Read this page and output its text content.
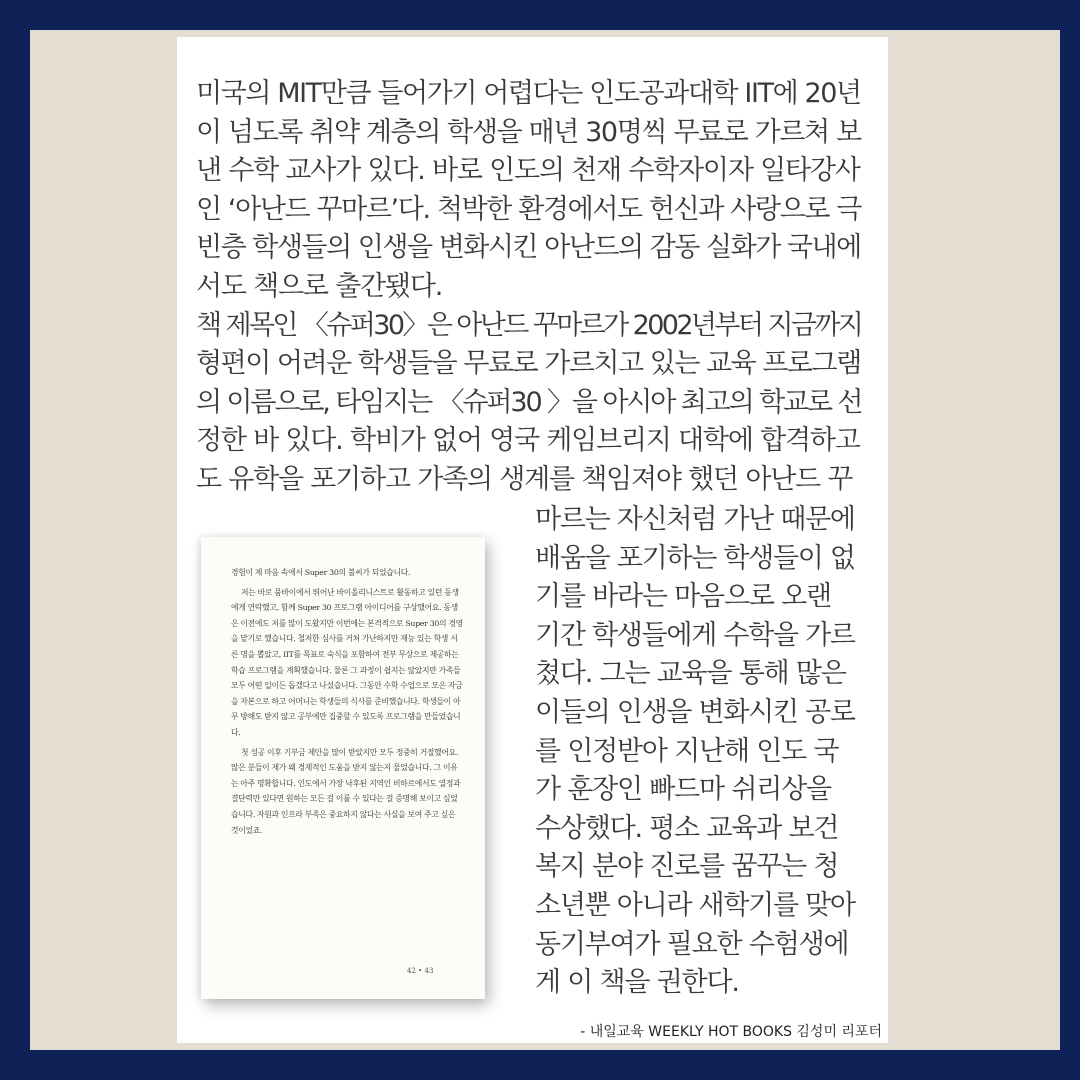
미국의 MIT만큼 들어가기 어렵다는 인도공과대학 IIT에 20년
이 넘도록 취약 계층의 학생을 매년 30명씩 무료로 가르쳐 보
낸 수학 교사가 있다. 바로 인도의 천재 수학자이자 일타강사
인 ‘아난드 꾸마르’다. 척박한 환경에서도 헌신과 사랑으로 극
빈층 학생들의 인생을 변화시킨 아난드의 감동 실화가 국내에
서도 책으로 출간됐다.
책 제목인 〈슈퍼30〉은 아난드 꾸마르가 2002년부터 지금까지
형편이 어려운 학생들을 무료로 가르치고 있는 교육 프로그램
의 이름으로, 타임지는 〈슈퍼30 〉을 아시아 최고의 학교로 선
정한 바 있다. 학비가 없어 영국 케임브리지 대학에 합격하고
도 유학을 포기하고 가족의 생계를 책임져야 했던 아난드 꾸

경험이 제 마음 속에서 Super 30의 불씨가 되었습니다.

저는 바로 뭄바이에서 뛰어난 바이올리니스트로 활동하고 있던 동생에게 연락했고, 함께 Super 30 프로그램 아이디어를 구상했어요. 동생은 이전에도 저를 많이 도왔지만 이번에는 본격적으로 Super 30의 경영을 맡기로 했습니다. 철저한 심사를 거쳐 가난하지만 재능 있는 학생 서른 명을 뽑았고, IIT를 목표로 숙식을 포함하여 전부 무상으로 제공하는 학습 프로그램을 계획했습니다. 물론 그 과정이 쉽지는 않았지만 가족들 모두 어떤 일이든 돕겠다고 나섰습니다. 그동안 수학 수업으로 모은 자금을 자본으로 하고 어머니는 학생들의 식사를 준비했습니다. 학생들이 아무 방해도 받지 않고 공부에만 집중할 수 있도록 프로그램을 만들었습니다.

첫 성공 이후 기부금 제안을 많이 받았지만 모두 정중히 거절했어요. 많은 분들이 제가 왜 경제적인 도움을 받지 않는지 물었습니다. 그 이유는 아주 명확합니다. 인도에서 가장 낙후된 지역인 비하르에서도 열정과 결단력만 있다면 원하는 모든 걸 이룰 수 있다는 걸 증명해 보이고 싶었습니다. 자원과 인프라 부족은 중요하지 않다는 사실을 보여 주고 싶은 것이었죠.

42 • 43
마르는 자신처럼 가난 때문에
배움을 포기하는 학생들이 없
기를 바라는 마음으로 오랜
기간 학생들에게 수학을 가르
쳤다. 그는 교육을 통해 많은
이들의 인생을 변화시킨 공로
를 인정받아 지난해 인도 국
가 훈장인 빠드마 쉬리상을
수상했다. 평소 교육과 보건
복지 분야 진로를 꿈꾸는 청
소년뿐 아니라 새학기를 맞아
동기부여가 필요한 수험생에
게 이 책을 권한다.
- 내일교육 WEEKLY HOT BOOKS 김성미 리포터
